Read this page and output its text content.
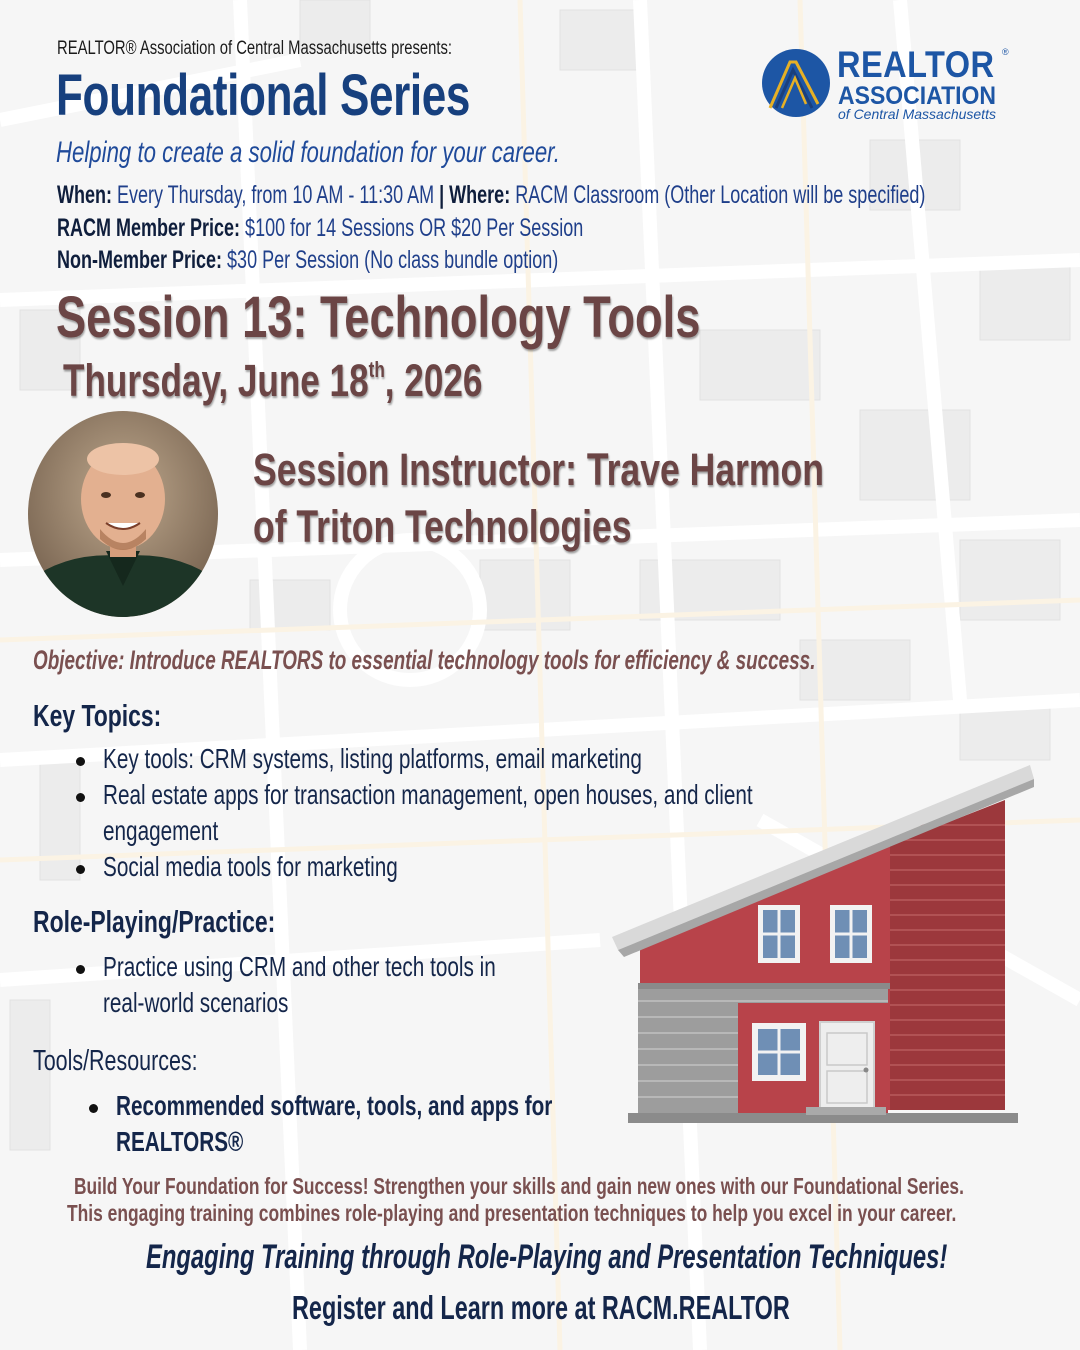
REALTOR® Association of Central Massachusetts presents:
Foundational Series
Helping to create a solid foundation for your career.
REALTOR ®
ASSOCIATION
of Central Massachusetts
When: Every Thursday, from 10 AM - 11:30 AM | Where: RACM Classroom (Other Location will be specified)
RACM Member Price: $100 for 14 Sessions OR $20 Per Session
Non-Member Price: $30 Per Session (No class bundle option)
Session 13: Technology Tools
Thursday, June 18th, 2026
Session Instructor: Trave Harmon
of Triton Technologies
Objective: Introduce REALTORS to essential technology tools for efficiency & success.
Key Topics:
Key tools: CRM systems, listing platforms, email marketing
Real estate apps for transaction management, open houses, and client
engagement
Social media tools for marketing
Role-Playing/Practice:
Practice using CRM and other tech tools in
real-world scenarios
Tools/Resources:
Recommended software, tools, and apps for
REALTORS®
Build Your Foundation for Success! Strengthen your skills and gain new ones with our Foundational Series.
This engaging training combines role-playing and presentation techniques to help you excel in your career.
Engaging Training through Role-Playing and Presentation Techniques!
Register and Learn more at RACM.REALTOR
